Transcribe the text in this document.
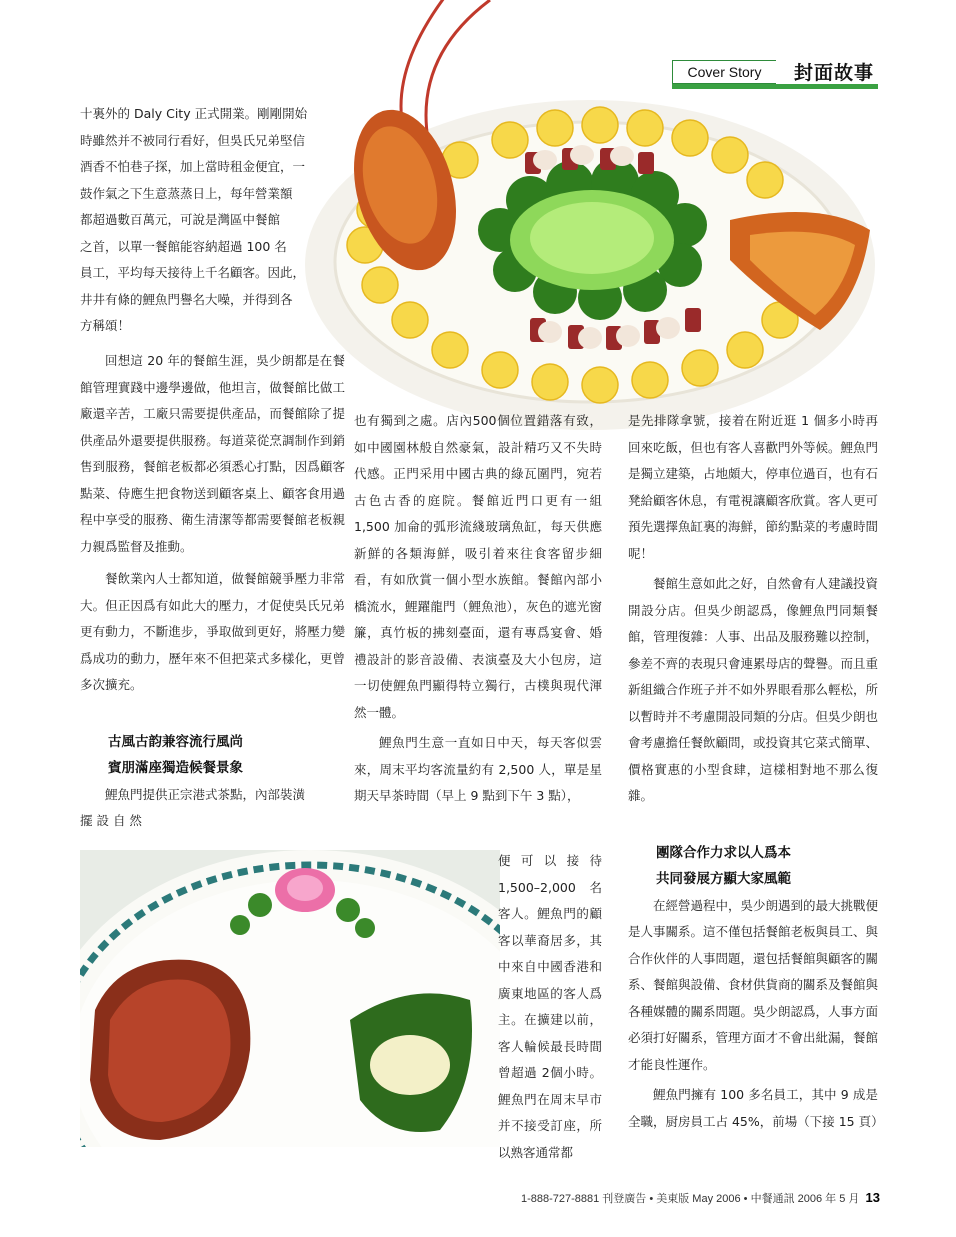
Cover Story	封面故事

十裏外的 Daly City 正式開業。剛剛開始

時雖然并不被同行看好，但吳氏兄弟堅信

酒香不怕巷子探，加上當時租金便宜，一

鼓作氣之下生意蒸蒸日上，每年營業額

都超過數百萬元，可說是灣區中餐館

之首，以單一餐館能容納超過 100 名

員工，平均每天接待上千名顧客。因此，

井井有條的鯉魚門譽名大噪，并得到各

方稱頌！

回想這 20 年的餐館生涯，吳少朗都是在餐館管理實踐中邊學邊做，他坦言，做餐館比做工廠還辛苦，工廠只需要提供產品，而餐館除了提供產品外還要提供服務。每道菜從烹調制作到銷售到服務，餐館老板都必須悉心打點，因爲顧客點菜、侍應生把食物送到顧客桌上、顧客食用過程中享受的服務、衛生清潔等都需要餐館老板親力親爲監督及推動。

餐飲業內人士都知道，做餐館競爭壓力非常大。但正因爲有如此大的壓力，才促使吳氏兄弟更有動力，不斷進步，爭取做到更好，將壓力變爲成功的動力，歷年來不但把菜式多樣化，更曾多次擴充。

古風古韵兼容流行風尚

賓朋滿座獨造候餐景象

鯉魚門提供正宗港式茶點，內部裝潢

擺 設 自 然

也有獨到之處。店內500個位置錯落有致，如中國園林般自然豪氣，設計精巧又不失時代感。正門采用中國古典的綠瓦圍門，宛若古色古香的庭院。餐館近門口更有一組 1,500 加侖的弧形流綫玻璃魚缸，每天供應新鮮的各類海鮮，吸引着來往食客留步細看，有如欣賞一個小型水族館。餐館內部小橋流水，鯉躍龍門（鯉魚池），灰色的遮光窗簾，真竹板的拂刻臺面，還有專爲宴會、婚禮設計的影音設備、表演臺及大小包房，這一切使鯉魚門顯得特立獨行，古樸與現代渾然一體。

鯉魚門生意一直如日中天，每天客似雲來，周末平均客流量約有 2,500 人，單是星期天早茶時間（早上 9 點到下午 3 點），

便可以接待 1,500–2,000 名客人。鯉魚門的顧客以華裔居多，其中來自中國香港和廣東地區的客人爲主。在擴建以前，客人輪候最長時間曾超過 2個小時。鯉魚門在周末早市并不接受訂座，所以熟客通常都

是先排隊拿號，接着在附近逛 1 個多小時再回來吃飯，但也有客人喜歡門外等候。鯉魚門是獨立建築，占地頗大，停車位過百，也有石凳給顧客休息，有電視讓顧客欣賞。客人更可預先選擇魚缸裏的海鮮，節約點菜的考慮時間呢！

餐館生意如此之好，自然會有人建議投資開設分店。但吳少朗認爲，像鯉魚門同類餐館，管理復雜：人事、出品及服務難以控制，參差不齊的表現只會連累母店的聲譽。而且重新組織合作班子并不如外界眼看那么輕松，所以暫時并不考慮開設同類的分店。但吳少朗也會考慮擔任餐飲顧問，或投資其它菜式簡單、價格實惠的小型食肆，這樣相對地不那么復雜。

團隊合作力求以人爲本

共同發展方顯大家風範

在經營過程中，吳少朗遇到的最大挑戰便是人事關系。這不僅包括餐館老板與員工、與合作伙伴的人事問題，還包括餐館與顧客的關系、餐館與設備、食材供貨商的關系及餐館與各種媒體的關系問題。吳少朗認爲，人事方面必須打好關系，管理方面才不會出紕漏，餐館才能良性運作。

鯉魚門擁有 100 多名員工，其中 9 成是全職，厨房員工占 45%，前場（下接 15 頁）

1-888-727-8881 刊登廣告 • 美東版 May 2006 • 中餐通訊 2006 年 5 月 13
